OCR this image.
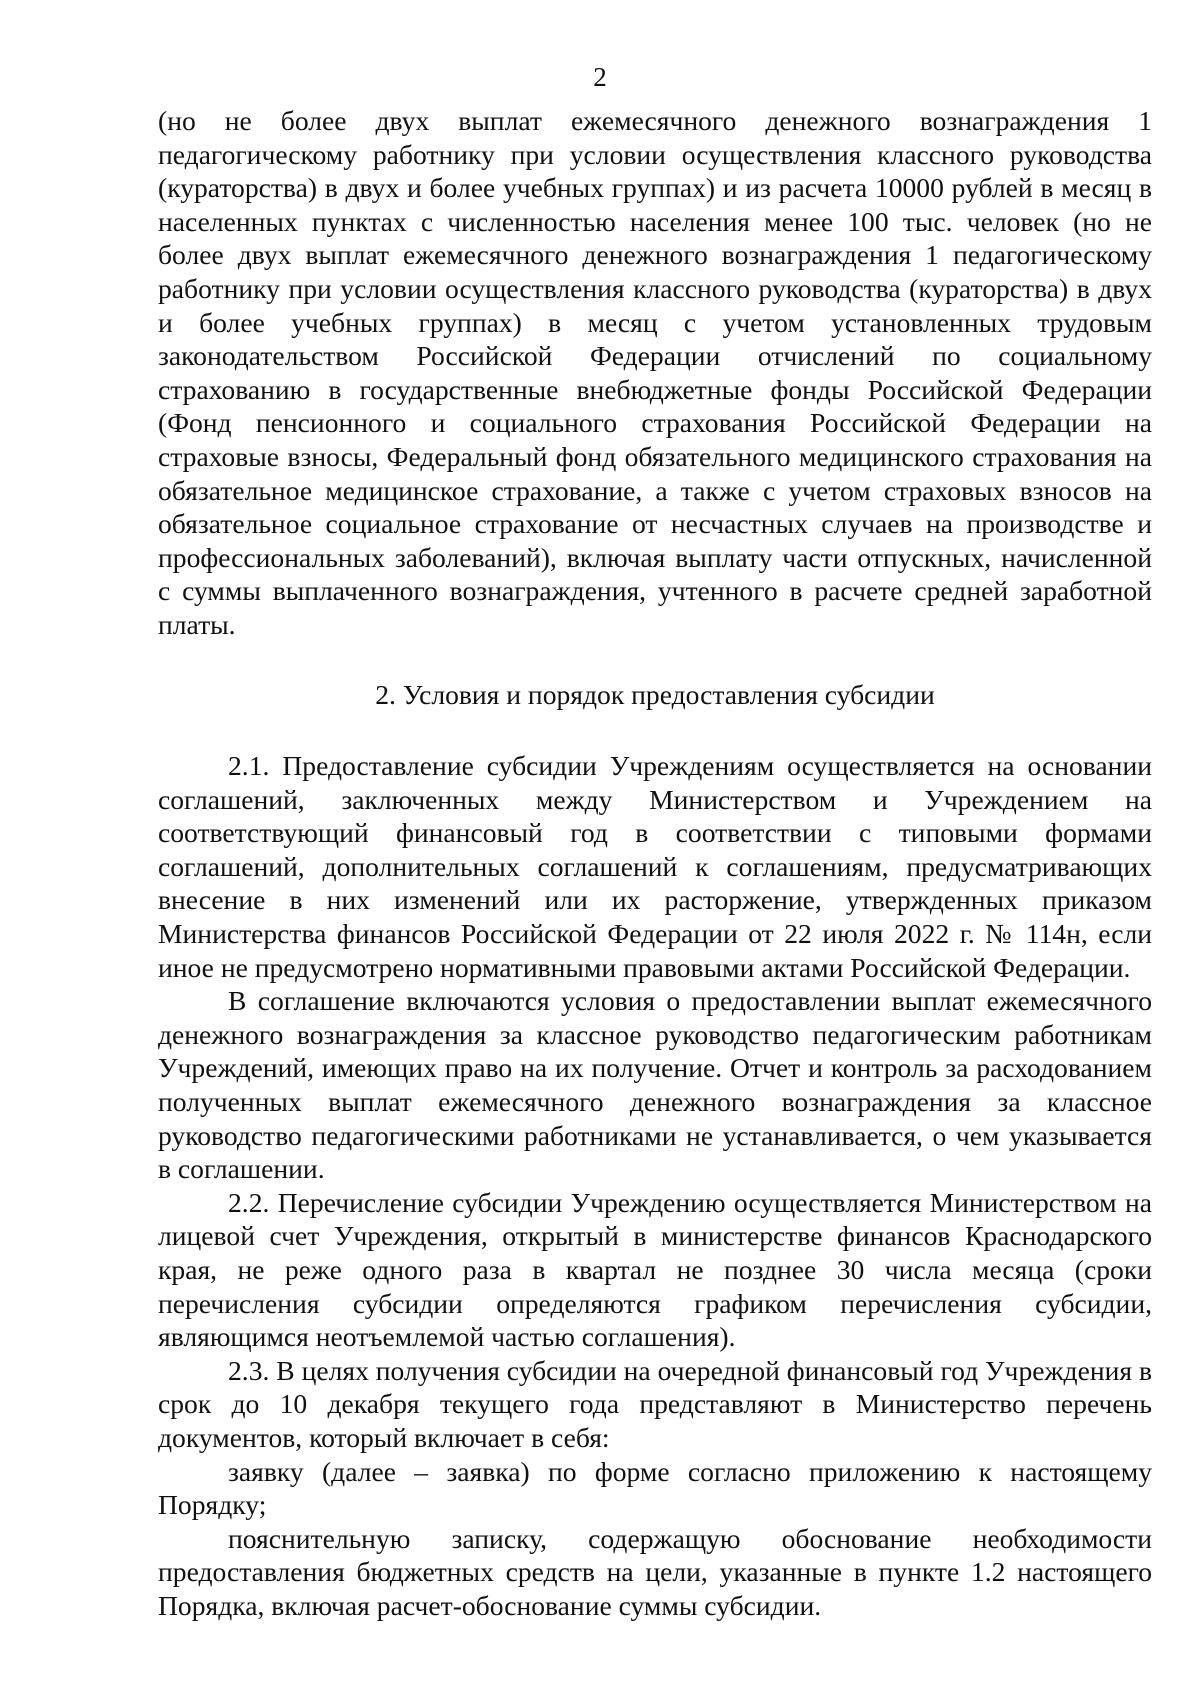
2

(но не более двух выплат ежемесячного денежного вознаграждения 1 педагогическому работнику при условии осуществления классного руководства (кураторства) в двух и более учебных группах) и из расчета 10000 рублей в месяц в населенных пунктах с численностью населения менее 100 тыс. человек (но не более двух выплат ежемесячного денежного вознаграждения 1 педагогическому работнику при условии осуществления классного руководства (кураторства) в двух и более учебных группах) в месяц с учетом установленных трудовым законодательством Российской Федерации отчислений по социальному страхованию в государственные внебюджетные фонды Российской Федерации (Фонд пенсионного и социального страхования Российской Федерации на страховые взносы, Федеральный фонд обязательного медицинского страхования на обязательное медицинское страхование, а также с учетом страховых взносов на обязательное социальное страхование от несчастных случаев на производстве и профессиональных заболеваний), включая выплату части отпускных, начисленной с суммы выплаченного вознаграждения, учтенного в расчете средней заработной платы.

2. Условия и порядок предоставления субсидии

2.1. Предоставление субсидии Учреждениям осуществляется на основании соглашений, заключенных между Министерством и Учреждением на соответствующий финансовый год в соответствии с типовыми формами соглашений, дополнительных соглашений к соглашениям, предусматривающих внесение в них изменений или их расторжение, утвержденных приказом Министерства финансов Российской Федерации от 22 июля 2022 г. № 114н, если иное не предусмотрено нормативными правовыми актами Российской Федерации.

В соглашение включаются условия о предоставлении выплат ежемесячного денежного вознаграждения за классное руководство педагогическим работникам Учреждений, имеющих право на их получение. Отчет и контроль за расходованием полученных выплат ежемесячного денежного вознаграждения за классное руководство педагогическими работниками не устанавливается, о чем указывается в соглашении.

2.2. Перечисление субсидии Учреждению осуществляется Министерством на лицевой счет Учреждения, открытый в министерстве финансов Краснодарского края, не реже одного раза в квартал не позднее 30 числа месяца (сроки перечисления субсидии определяются графиком перечисления субсидии, являющимся неотъемлемой частью соглашения).

2.3. В целях получения субсидии на очередной финансовый год Учреждения в срок до 10 декабря текущего года представляют в Министерство перечень документов, который включает в себя:

заявку (далее – заявка) по форме согласно приложению к настоящему Порядку;

пояснительную записку, содержащую обоснование необходимости предоставления бюджетных средств на цели, указанные в пункте 1.2 настоящего Порядка, включая расчет-обоснование суммы субсидии.
